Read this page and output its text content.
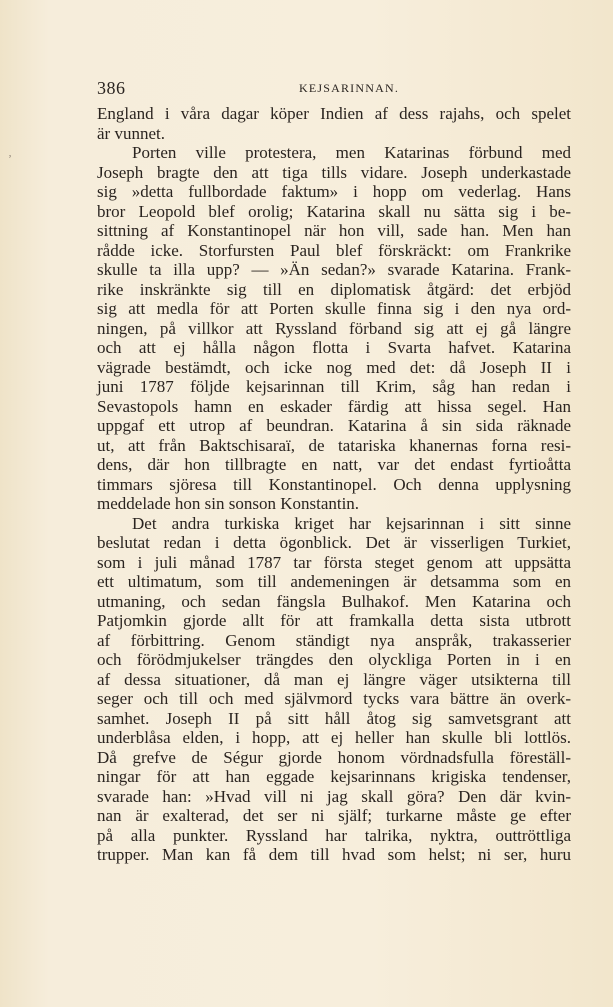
ʼ
386	KEJSARINNAN.
England i våra dagar köper Indien af dess rajahs, och spelet
är vunnet.
Porten ville protestera, men Katarinas förbund med
Joseph bragte den att tiga tills vidare. Joseph underkastade
sig »detta fullbordade faktum» i hopp om vederlag. Hans
bror Leopold blef orolig; Katarina skall nu sätta sig i be-
sittning af Konstantinopel när hon vill, sade han. Men han
rådde icke. Storfursten Paul blef förskräckt: om Frankrike
skulle ta illa upp? — »Än sedan?» svarade Katarina. Frank-
rike inskränkte sig till en diplomatisk åtgärd: det erbjöd
sig att medla för att Porten skulle finna sig i den nya ord-
ningen, på villkor att Ryssland förband sig att ej gå längre
och att ej hålla någon flotta i Svarta hafvet. Katarina
vägrade bestämdt, och icke nog med det: då Joseph II i
juni 1787 följde kejsarinnan till Krim, såg han redan i
Sevastopols hamn en eskader färdig att hissa segel. Han
uppgaf ett utrop af beundran. Katarina å sin sida räknade
ut, att från Baktschisaraï, de tatariska khanernas forna resi-
dens, där hon tillbragte en natt, var det endast fyrtioåtta
timmars sjöresa till Konstantinopel. Och denna upplysning
meddelade hon sin sonson Konstantin.
Det andra turkiska kriget har kejsarinnan i sitt sinne
beslutat redan i detta ögonblick. Det är visserligen Turkiet,
som i juli månad 1787 tar första steget genom att uppsätta
ett ultimatum, som till andemeningen är detsamma som en
utmaning, och sedan fängsla Bulhakof. Men Katarina och
Patjomkin gjorde allt för att framkalla detta sista utbrott
af förbittring. Genom ständigt nya anspråk, trakasserier
och förödmjukelser trängdes den olyckliga Porten in i en
af dessa situationer, då man ej längre väger utsikterna till
seger och till och med självmord tycks vara bättre än overk-
samhet. Joseph II på sitt håll åtog sig samvetsgrant att
underblåsa elden, i hopp, att ej heller han skulle bli lottlös.
Då grefve de Ségur gjorde honom vördnadsfulla föreställ-
ningar för att han eggade kejsarinnans krigiska tendenser,
svarade han: »Hvad vill ni jag skall göra? Den där kvin-
nan är exalterad, det ser ni själf; turkarne måste ge efter
på alla punkter. Ryssland har talrika, nyktra, outtröttliga
trupper. Man kan få dem till hvad som helst; ni ser, huru
